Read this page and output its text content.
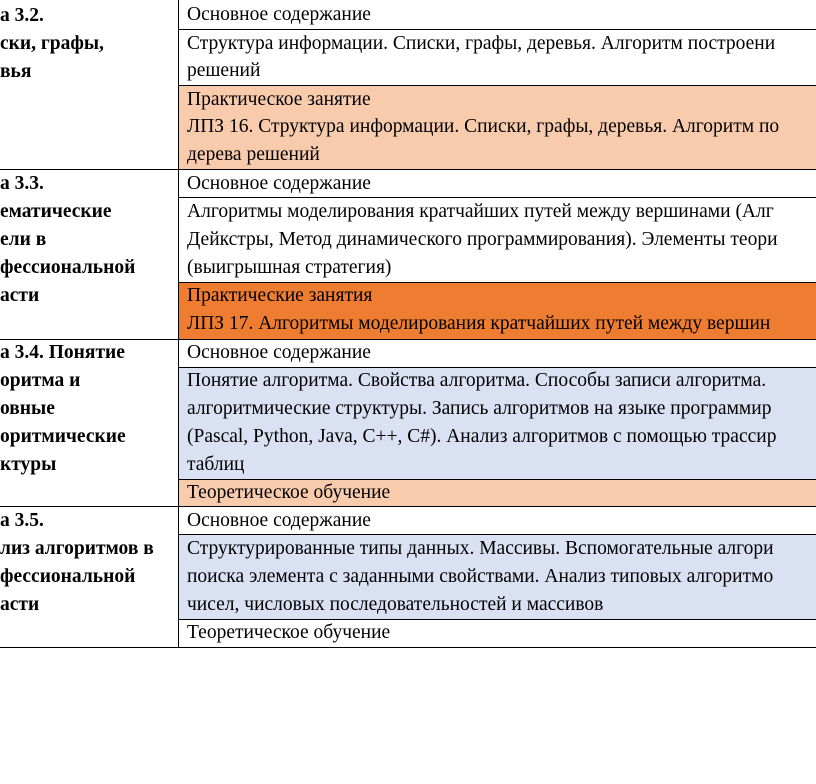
а 3.2.
ски, графы,
вья
Основное содержание
Структура информации. Списки, графы, деревья. Алгоритм построени
решений
Практическое занятие
ЛПЗ 16. Структура информации. Списки, графы, деревья. Алгоритм по
дерева решений
а 3.3.
ематические
ели в
фессиональной
асти
Основное содержание
Алгоритмы моделирования кратчайших путей между вершинами (Алг
Дейкстры, Метод динамического программирования). Элементы теори
(выигрышная стратегия)
Практические занятия
ЛПЗ 17. Алгоритмы моделирования кратчайших путей между вершин
а 3.4. Понятие
оритма и
овные
оритмические
ктуры
Основное содержание
Понятие алгоритма. Свойства алгоритма. Способы записи алгоритма.
алгоритмические структуры. Запись алгоритмов на языке программир
(Pascal, Python, Java, C++, C#). Анализ алгоритмов с помощью трассир
таблиц
Теоретическое обучение
а 3.5.
лиз алгоритмов в
фессиональной
асти
Основное содержание
Структурированные типы данных. Массивы. Вспомогательные алгори
поиска элемента с заданными свойствами. Анализ типовых алгоритмо
чисел, числовых последовательностей и массивов
Теоретическое обучение
